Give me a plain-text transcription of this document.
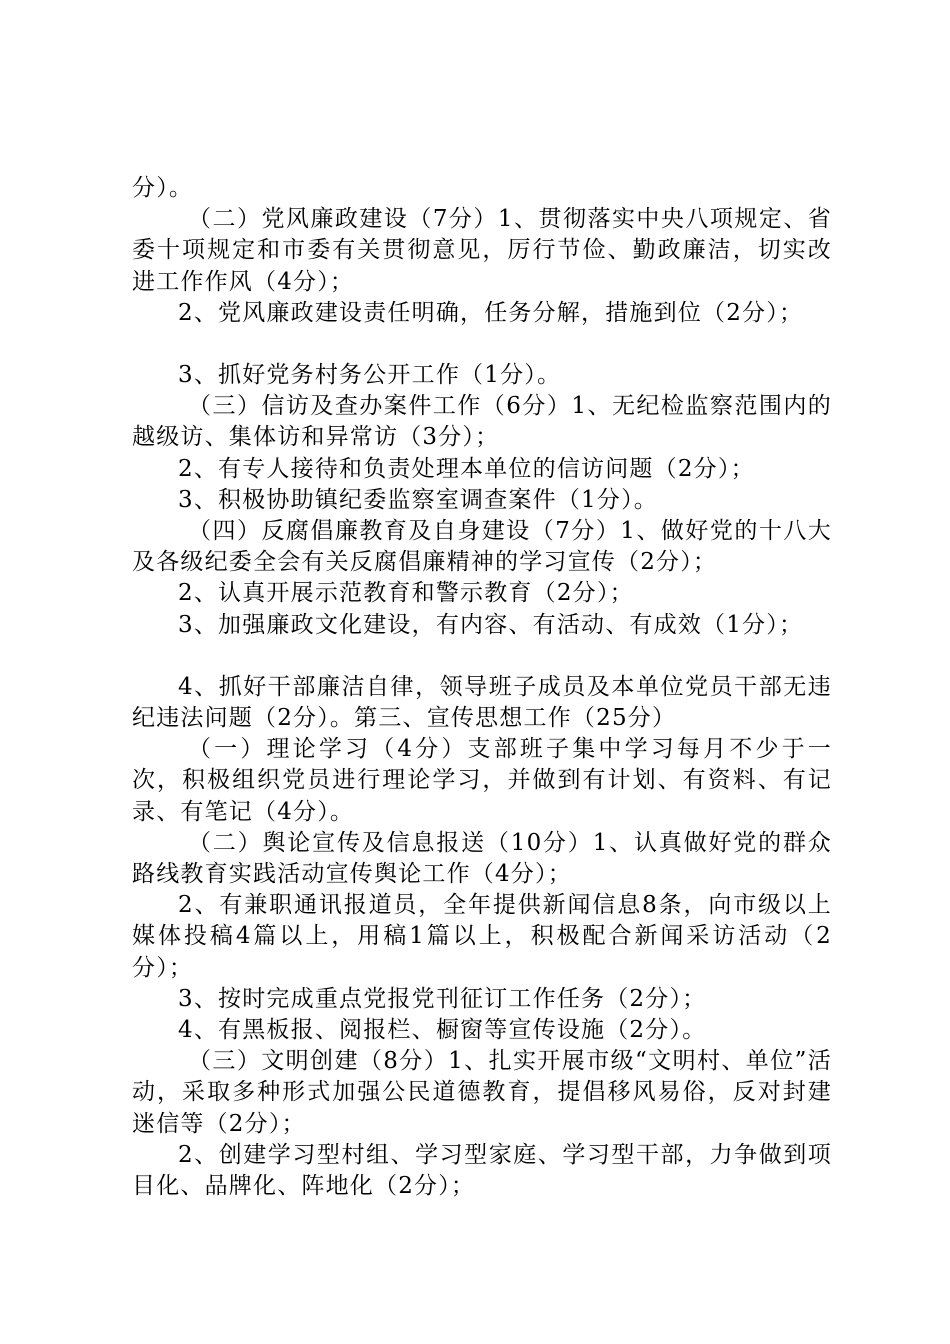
分）。

（二）党风廉政建设（7分）1、贯彻落实中央八项规定、省委十项规定和市委有关贯彻意见，厉行节俭、勤政廉洁，切实改进工作作风（4分）；

2、党风廉政建设责任明确，任务分解，措施到位（2分）；

3、抓好党务村务公开工作（1分）。

（三）信访及查办案件工作（6分）1、无纪检监察范围内的越级访、集体访和异常访（3分）；

2、有专人接待和负责处理本单位的信访问题（2分）；

3、积极协助镇纪委监察室调查案件（1分）。

（四）反腐倡廉教育及自身建设（7分）1、做好党的十八大及各级纪委全会有关反腐倡廉精神的学习宣传（2分）；

2、认真开展示范教育和警示教育（2分）；

3、加强廉政文化建设，有内容、有活动、有成效（1分）；

4、抓好干部廉洁自律，领导班子成员及本单位党员干部无违纪违法问题（2分）。第三、宣传思想工作（25分）

（一）理论学习（4分）支部班子集中学习每月不少于一次，积极组织党员进行理论学习，并做到有计划、有资料、有记录、有笔记（4分）。

（二）舆论宣传及信息报送（10分）1、认真做好党的群众路线教育实践活动宣传舆论工作（4分）；

2、有兼职通讯报道员，全年提供新闻信息8条，向市级以上媒体投稿4篇以上，用稿1篇以上，积极配合新闻采访活动（2分）；

3、按时完成重点党报党刊征订工作任务（2分）；

4、有黑板报、阅报栏、橱窗等宣传设施（2分）。

（三）文明创建（8分）1、扎实开展市级“文明村、单位”活动，采取多种形式加强公民道德教育，提倡移风易俗，反对封建迷信等（2分）；

2、创建学习型村组、学习型家庭、学习型干部，力争做到项目化、品牌化、阵地化（2分）；
